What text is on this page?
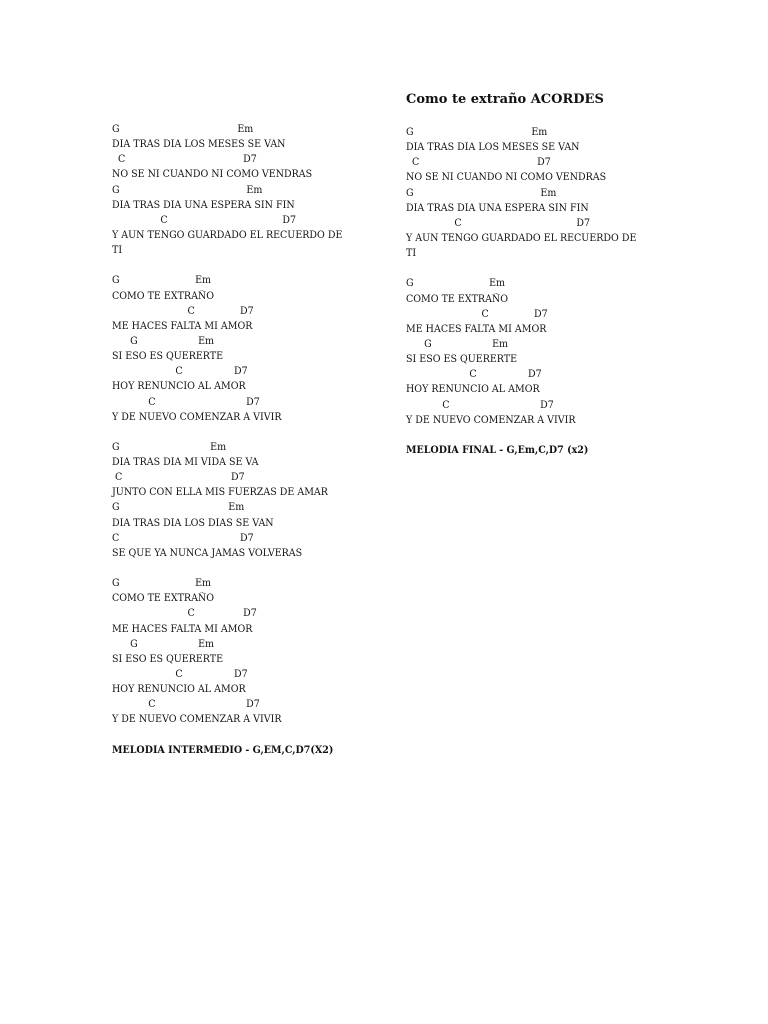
Como te extraño ACORDES
G                                       Em
DIA TRAS DIA LOS MESES SE VAN
C                                       D7
NO SE NI CUANDO NI COMO VENDRAS
G                                          Em
DIA TRAS DIA UNA ESPERA SIN FIN
C                                      D7
Y AUN TENGO GUARDADO EL RECUERDO DE
TI
G                         Em
COMO TE EXTRAÑO
C               D7
ME HACES FALTA MI AMOR
G                    Em
SI ESO ES QUERERTE
C                 D7
HOY RENUNCIO AL AMOR
C                              D7
Y DE NUEVO COMENZAR A VIVIR
G                              Em
DIA TRAS DIA MI VIDA SE VA
C                                    D7
JUNTO CON ELLA MIS FUERZAS DE AMAR
G                                    Em
DIA TRAS DIA LOS DIAS SE VAN
C                                        D7
SE QUE YA NUNCA JAMAS VOLVERAS
G                         Em
COMO TE EXTRAÑO
C                D7
ME HACES FALTA MI AMOR
G                    Em
SI ESO ES QUERERTE
C                 D7
HOY RENUNCIO AL AMOR
C                              D7
Y DE NUEVO COMENZAR A VIVIR
MELODIA INTERMEDIO - G,EM,C,D7(X2)
G                                       Em
DIA TRAS DIA LOS MESES SE VAN
C                                       D7
NO SE NI CUANDO NI COMO VENDRAS
G                                          Em
DIA TRAS DIA UNA ESPERA SIN FIN
C                                      D7
Y AUN TENGO GUARDADO EL RECUERDO DE
TI
G                         Em
COMO TE EXTRAÑO
C               D7
ME HACES FALTA MI AMOR
G                    Em
SI ESO ES QUERERTE
C                 D7
HOY RENUNCIO AL AMOR
C                              D7
Y DE NUEVO COMENZAR A VIVIR
MELODIA FINAL - G,Em,C,D7 (x2)
